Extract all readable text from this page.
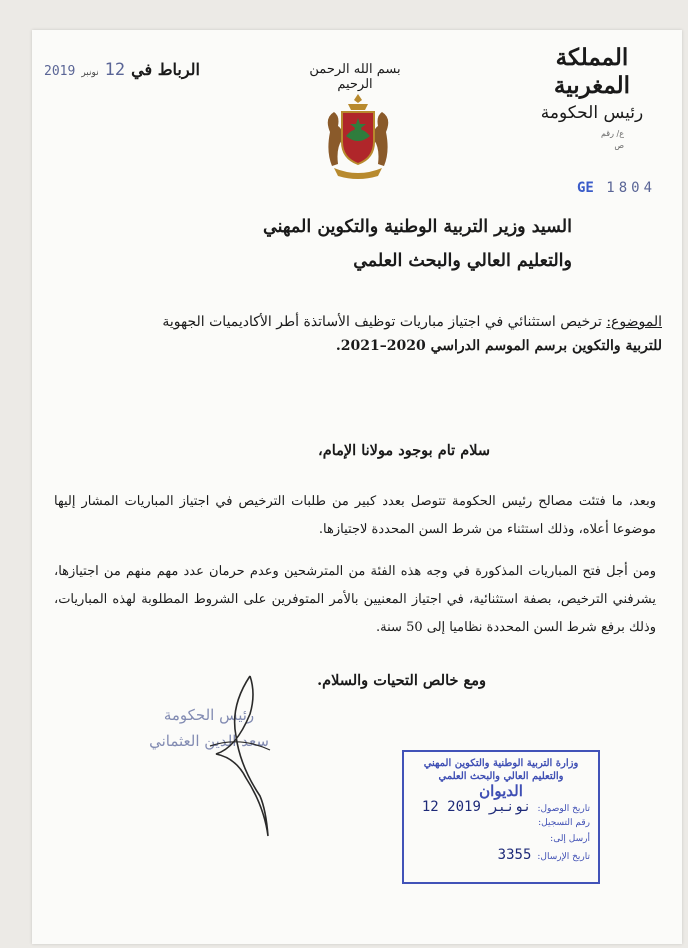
المملكة المغربية
رئيس الحكومة
ع/ رقم
ص
GE 1804
بسم الله الرحمن الرحيم
2019 نونبر 12 الرباط في
السيد وزير التربية الوطنية والتكوين المهني
والتعليم العالي والبحث العلمي
الموضوع: ترخيص استثنائي في اجتياز مباريات توظيف الأساتذة أطر الأكاديميات الجهوية
للتربية والتكوين برسم الموسم الدراسي 2020–2021.
سلام تام بوجود مولانا الإمام،
وبعد، ما فتئت مصالح رئيس الحكومة تتوصل بعدد كبير من طلبات الترخيص في اجتياز المباريات المشار إليها موضوعا أعلاه، وذلك استثناء من شرط السن المحددة لاجتيازها.
ومن أجل فتح المباريات المذكورة في وجه هذه الفئة من المترشحين وعدم حرمان عدد مهم منهم من اجتيازها، يشرفني الترخيص، بصفة استثنائية، في اجتياز المعنيين بالأمر المتوفرين على الشروط المطلوبة لهذه المباريات، وذلك برفع شرط السن المحددة نظاميا إلى 50 سنة.
ومع خالص التحيات والسلام.
رئيس الحكومة
سعد الدين العثماني
وزارة التربية الوطنية والتكوين المهني
والتعليم العالي والبحث العلمي
الديوان
تاريخ الوصول:
12 نونبر 2019
رقم التسجيل:
أرسل إلى:
تاريخ الإرسال:
3355
